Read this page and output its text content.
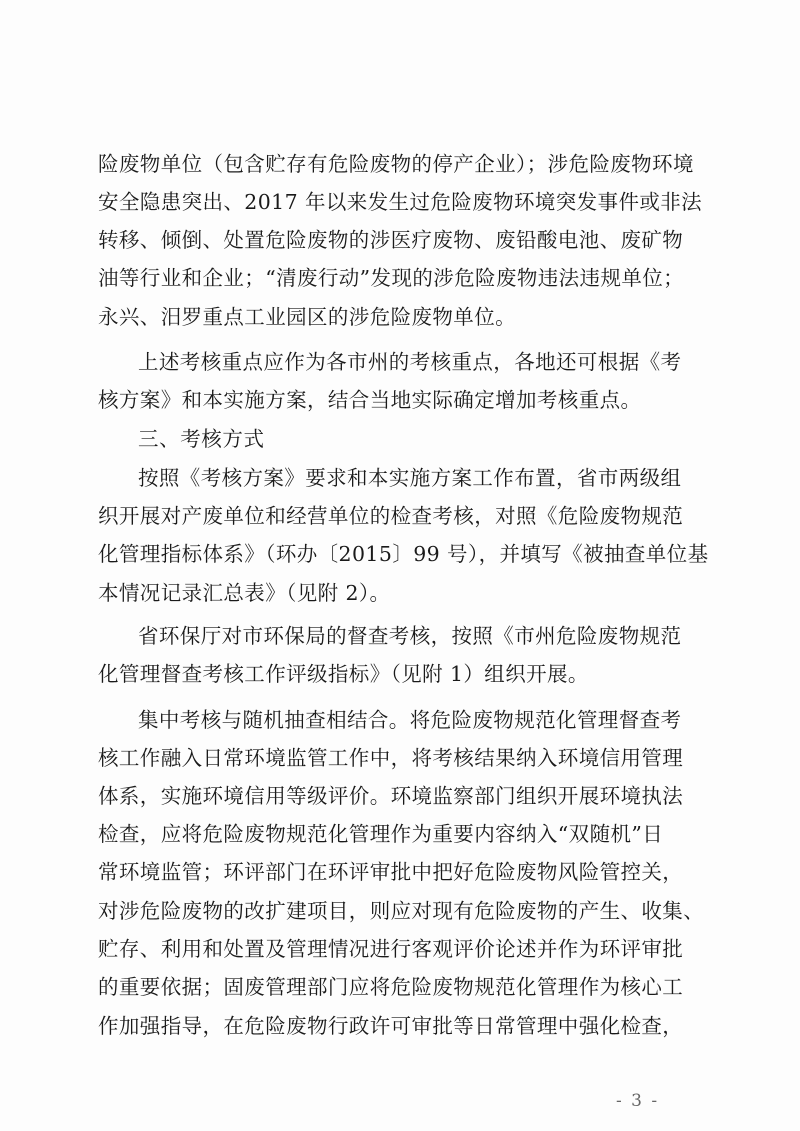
险废物单位（包含贮存有危险废物的停产企业）；涉危险废物环境
安全隐患突出、2017 年以来发生过危险废物环境突发事件或非法
转移、倾倒、处置危险废物的涉医疗废物、废铅酸电池、废矿物
油等行业和企业；“清废行动”发现的涉危险废物违法违规单位；
永兴、汨罗重点工业园区的涉危险废物单位。
上述考核重点应作为各市州的考核重点，各地还可根据《考
核方案》和本实施方案，结合当地实际确定增加考核重点。
三、考核方式
按照《考核方案》要求和本实施方案工作布置，省市两级组
织开展对产废单位和经营单位的检查考核，对照《危险废物规范
化管理指标体系》（环办〔2015〕99 号），并填写《被抽查单位基
本情况记录汇总表》（见附 2）。
省环保厅对市环保局的督查考核，按照《市州危险废物规范
化管理督查考核工作评级指标》（见附 1）组织开展。
集中考核与随机抽查相结合。将危险废物规范化管理督查考
核工作融入日常环境监管工作中，将考核结果纳入环境信用管理
体系，实施环境信用等级评价。环境监察部门组织开展环境执法
检查，应将危险废物规范化管理作为重要内容纳入“双随机”日
常环境监管；环评部门在环评审批中把好危险废物风险管控关，
对涉危险废物的改扩建项目，则应对现有危险废物的产生、收集、
贮存、利用和处置及管理情况进行客观评价论述并作为环评审批
的重要依据；固废管理部门应将危险废物规范化管理作为核心工
作加强指导，在危险废物行政许可审批等日常管理中强化检查，
- 3 -
